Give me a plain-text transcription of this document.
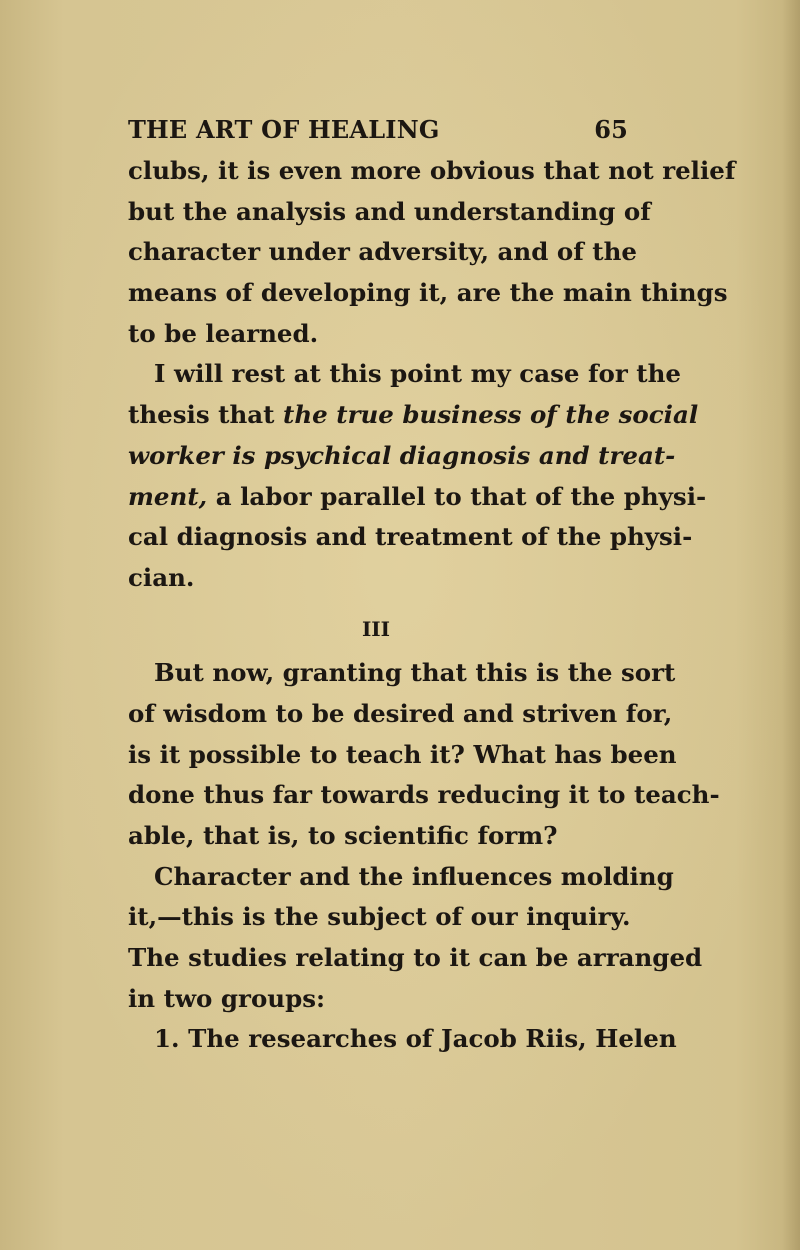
THE ART OF HEALING	65
clubs, it is even more obvious that not relief
but the analysis and understanding of
character under adversity, and of the
means of developing it, are the main things
to be learned.
I will rest at this point my case for the
thesis that the true business of the social
worker is psychical diagnosis and treat-
ment, a labor parallel to that of the physi-
cal diagnosis and treatment of the physi-
cian.
III
But now, granting that this is the sort
of wisdom to be desired and striven for,
is it possible to teach it? What has been
done thus far towards reducing it to teach-
able, that is, to scientific form?
Character and the influences molding
it,—this is the subject of our inquiry.
The studies relating to it can be arranged
in two groups:
1. The researches of Jacob Riis, Helen
